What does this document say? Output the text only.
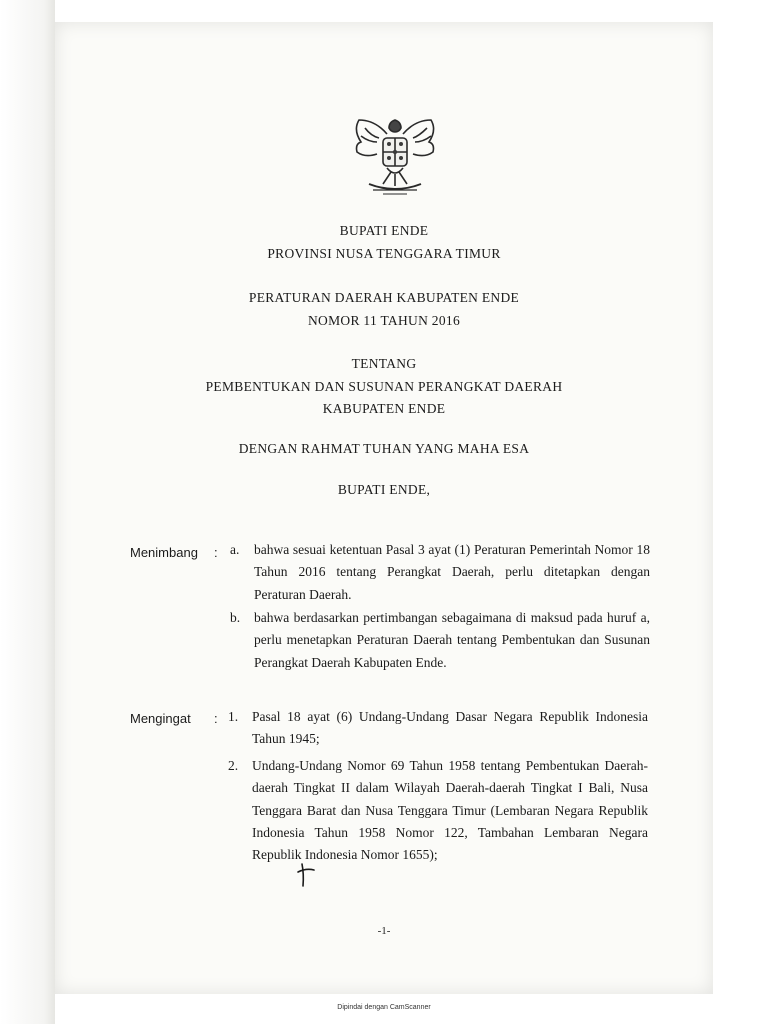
BUPATI ENDE
PROVINSI NUSA TENGGARA TIMUR
PERATURAN DAERAH KABUPATEN ENDE
NOMOR 11 TAHUN 2016
TENTANG
PEMBENTUKAN DAN SUSUNAN PERANGKAT DAERAH
KABUPATEN ENDE
DENGAN RAHMAT TUHAN YANG MAHA ESA
BUPATI ENDE,
Menimbang : a. bahwa sesuai ketentuan Pasal 3 ayat (1) Peraturan Pemerintah Nomor 18 Tahun 2016 tentang Perangkat Daerah, perlu ditetapkan dengan Peraturan Daerah.
b. bahwa berdasarkan pertimbangan sebagaimana di maksud pada huruf a, perlu menetapkan Peraturan Daerah tentang Pembentukan dan Susunan Perangkat Daerah Kabupaten Ende.
Mengingat : 1. Pasal 18 ayat (6) Undang-Undang Dasar Negara Republik Indonesia Tahun 1945;
2. Undang-Undang Nomor 69 Tahun 1958 tentang Pembentukan Daerah-daerah Tingkat II dalam Wilayah Daerah-daerah Tingkat I Bali, Nusa Tenggara Barat dan Nusa Tenggara Timur (Lembaran Negara Republik Indonesia Tahun 1958 Nomor 122, Tambahan Lembaran Negara Republik Indonesia Nomor 1655);
-1-
Dipindai dengan CamScanner
